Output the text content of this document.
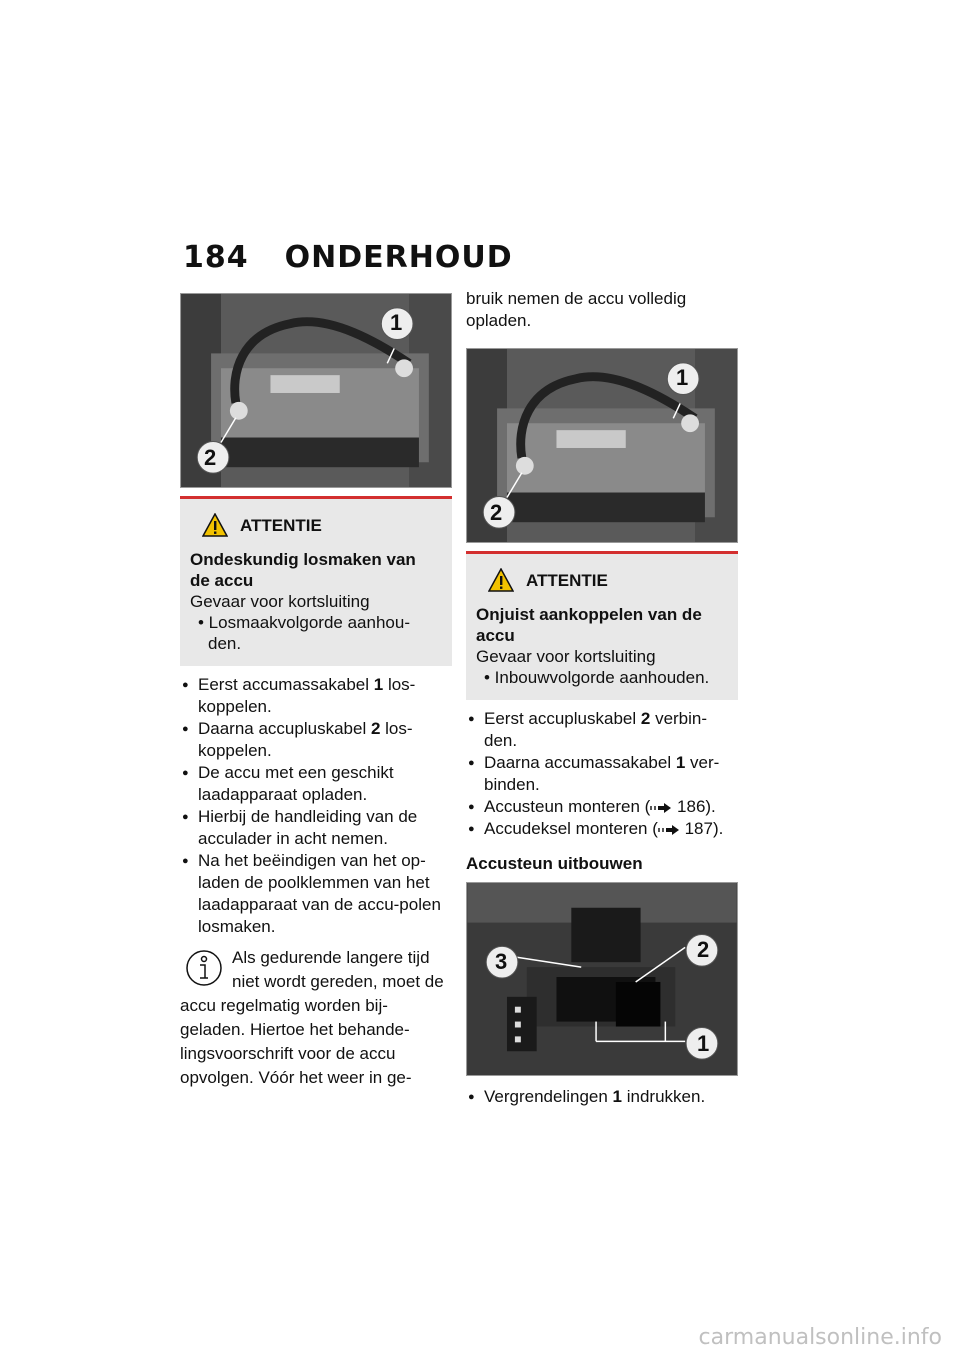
184 ONDERHOUD
1
2
ATTENTIE
Ondeskundig losmaken van de accu
Gevaar voor kortsluiting
• Losmaakvolgorde aanhou-den.
● Eerst accumassakabel 1 los-koppelen.
● Daarna accupluskabel 2 los-koppelen.
● De accu met een geschikt laadapparaat opladen.
● Hierbij de handleiding van de acculader in acht nemen.
● Na het beëindigen van het op-laden de poolklemmen van het laadapparaat van de accu-polen losmaken.
Als gedurende langere tijd niet wordt gereden, moet de accu regelmatig worden bij-geladen. Hiertoe het behande-lingsvoorschrift voor de accu opvolgen. Vóór het weer in ge-
bruik nemen de accu volledig opladen.
1
2
ATTENTIE
Onjuist aankoppelen van de accu
Gevaar voor kortsluiting
• Inbouwvolgorde aanhouden.
● Eerst accupluskabel 2 verbin-den.
● Daarna accumassakabel 1 ver-binden.
● Accusteun monteren ( 186).
● Accudeksel monteren ( 187).
Accusteun uitbouwen
3	2
1
● Vergrendelingen 1 indrukken.
carmanualsonline.info
